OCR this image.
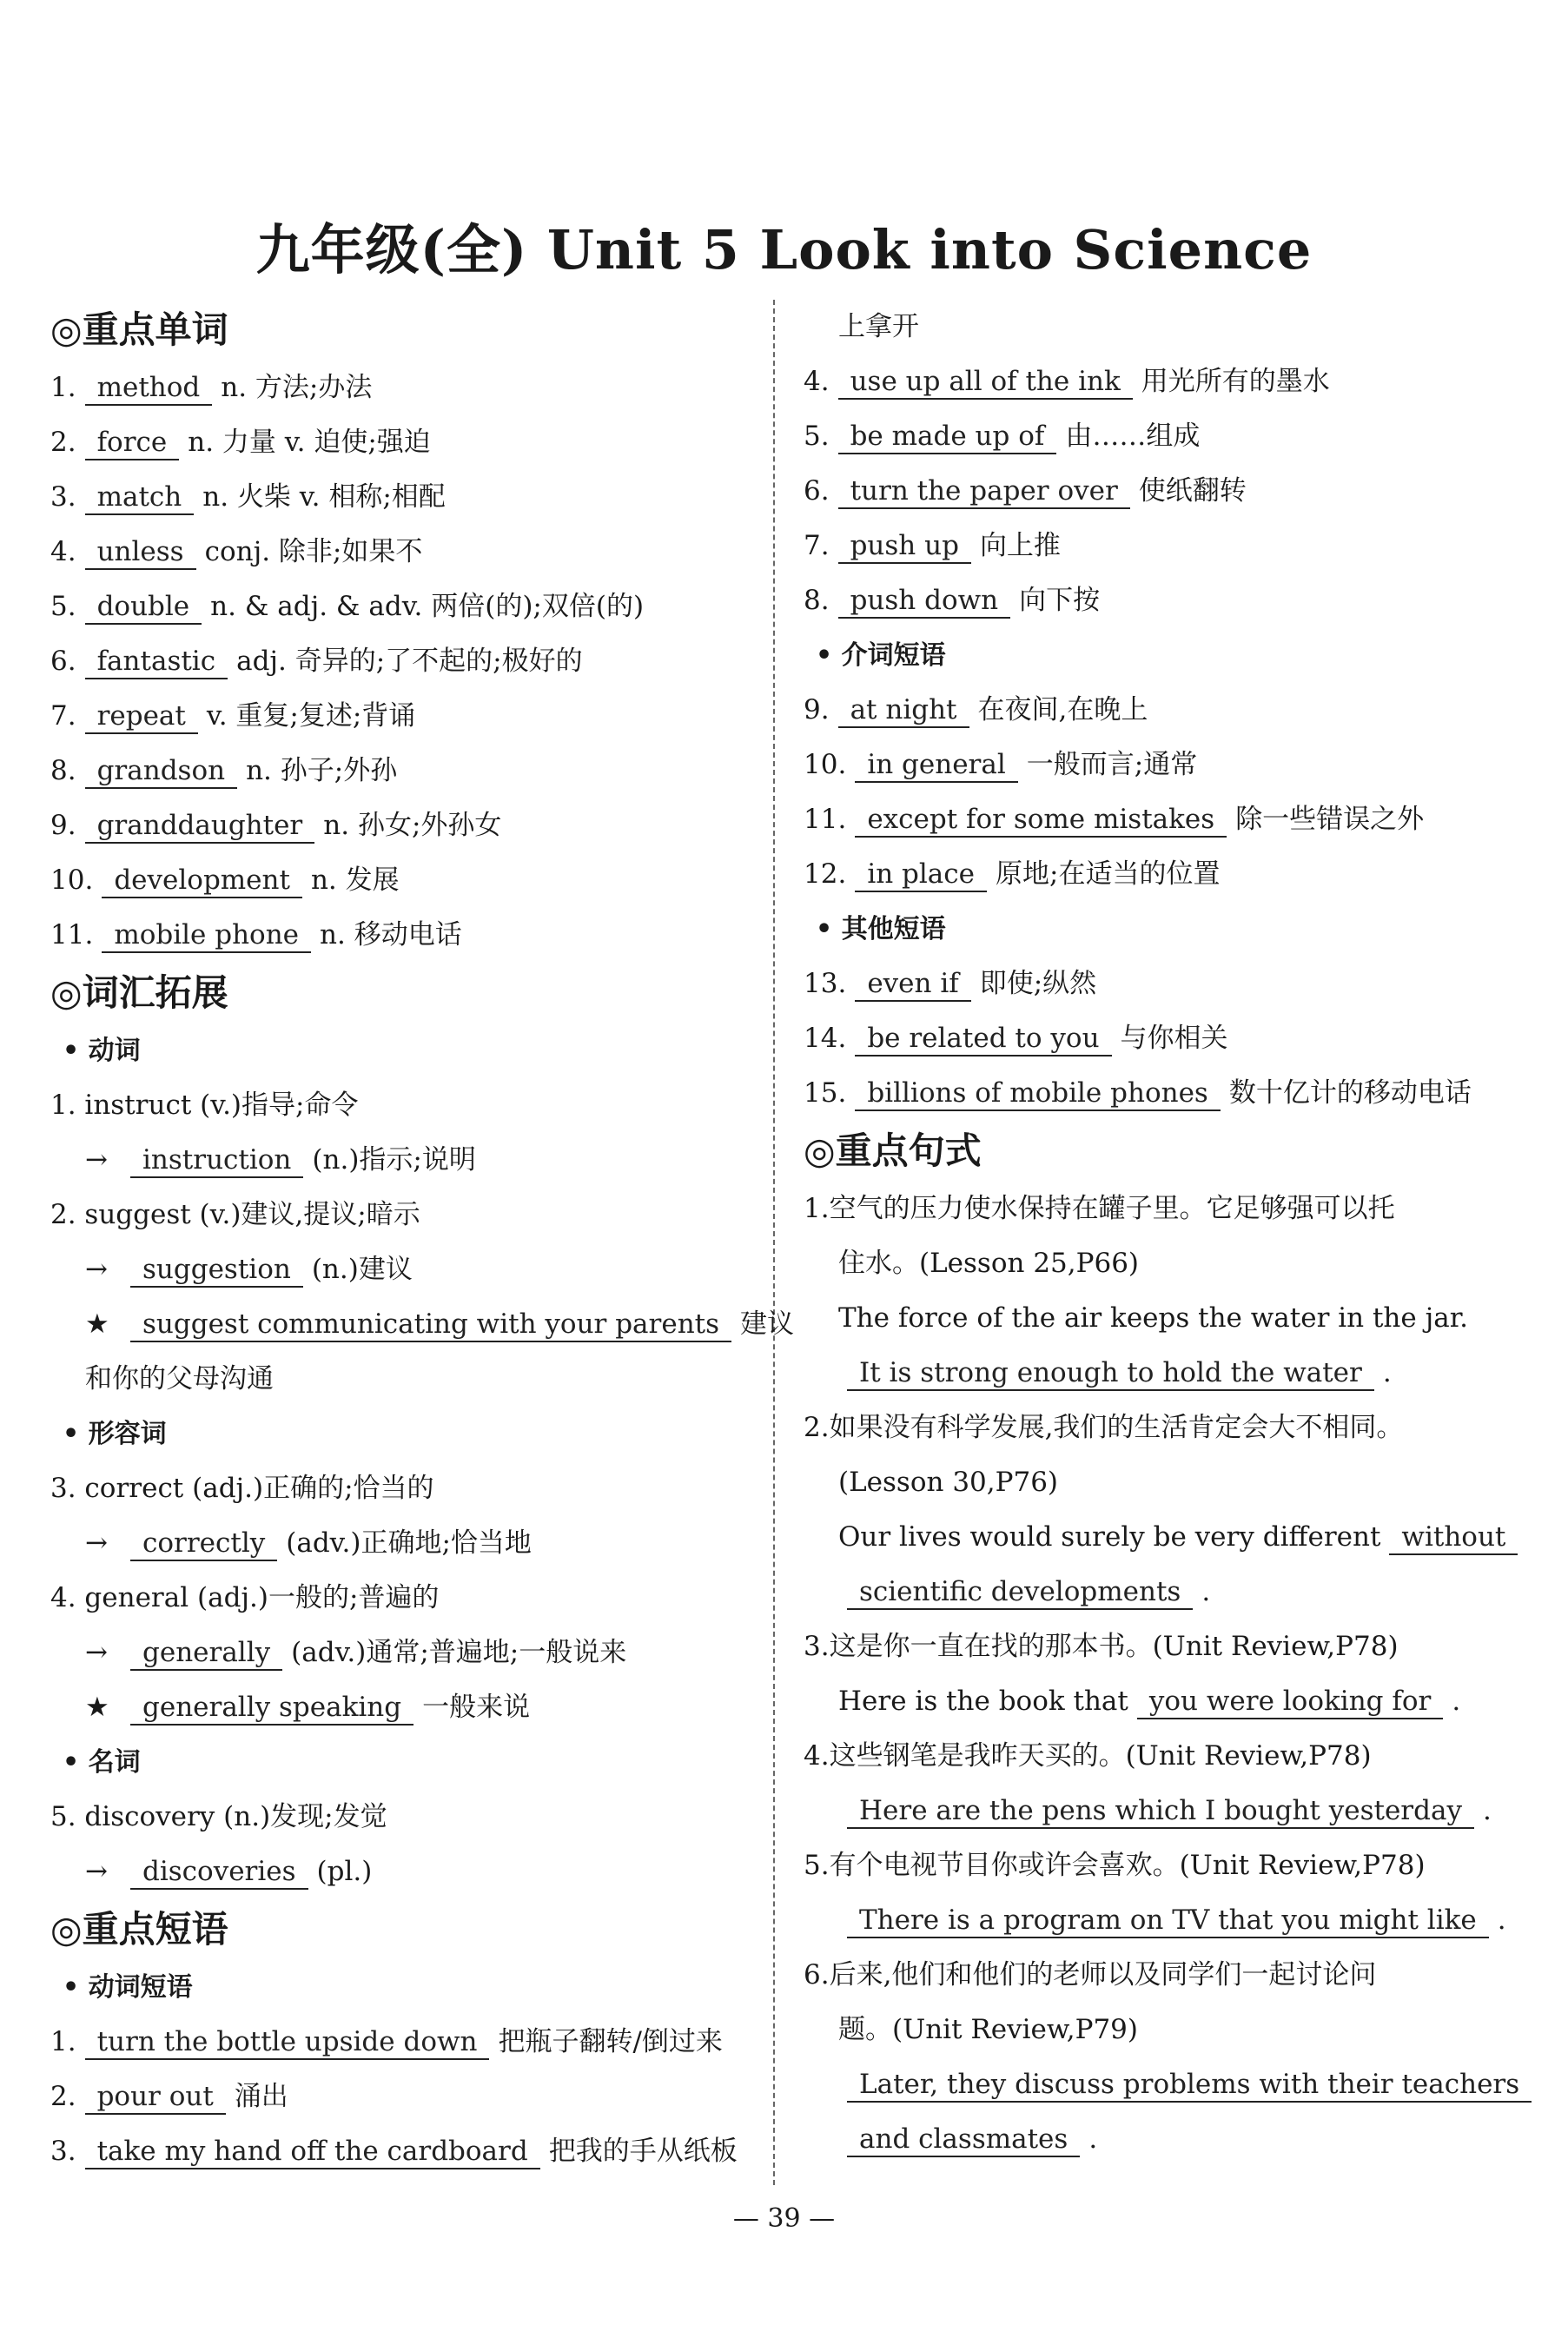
九年级(全) Unit 5 Look into Science
◎重点单词
1. method n. 方法;办法
2. force n. 力量 v. 迫使;强迫
3. match n. 火柴 v. 相称;相配
4. unless conj. 除非;如果不
5. double n. & adj. & adv. 两倍(的);双倍(的)
6. fantastic adj. 奇异的;了不起的;极好的
7. repeat v. 重复;复述;背诵
8. grandson n. 孙子;外孙
9. granddaughter n. 孙女;外孙女
10. development n. 发展
11. mobile phone n. 移动电话
◎词汇拓展
• 动词
1. instruct (v.)指导;命令
→ instruction (n.)指示;说明
2. suggest (v.)建议,提议;暗示
→ suggestion (n.)建议
★ suggest communicating with your parents 建议
和你的父母沟通
• 形容词
3. correct (adj.)正确的;恰当的
→ correctly (adv.)正确地;恰当地
4. general (adj.)一般的;普遍的
→ generally (adv.)通常;普遍地;一般说来
★ generally speaking 一般来说
• 名词
5. discovery (n.)发现;发觉
→ discoveries (pl.)
◎重点短语
• 动词短语
1. turn the bottle upside down 把瓶子翻转/倒过来
2. pour out 涌出
3. take my hand off the cardboard 把我的手从纸板
上拿开
4. use up all of the ink 用光所有的墨水
5. be made up of 由……组成
6. turn the paper over 使纸翻转
7. push up 向上推
8. push down 向下按
• 介词短语
9. at night 在夜间,在晚上
10. in general 一般而言;通常
11. except for some mistakes 除一些错误之外
12. in place 原地;在适当的位置
• 其他短语
13. even if 即使;纵然
14. be related to you 与你相关
15. billions of mobile phones 数十亿计的移动电话
◎重点句式
1.空气的压力使水保持在罐子里。它足够强可以托
住水。(Lesson 25,P66)
The force of the air keeps the water in the jar.
It is strong enough to hold the water .
2.如果没有科学发展,我们的生活肯定会大不相同。
(Lesson 30,P76)
Our lives would surely be very different without
scientific developments .
3.这是你一直在找的那本书。(Unit Review,P78)
Here is the book that you were looking for .
4.这些钢笔是我昨天买的。(Unit Review,P78)
Here are the pens which I bought yesterday .
5.有个电视节目你或许会喜欢。(Unit Review,P78)
There is a program on TV that you might like .
6.后来,他们和他们的老师以及同学们一起讨论问
题。(Unit Review,P79)
Later, they discuss problems with their teachers
and classmates .
— 39 —
